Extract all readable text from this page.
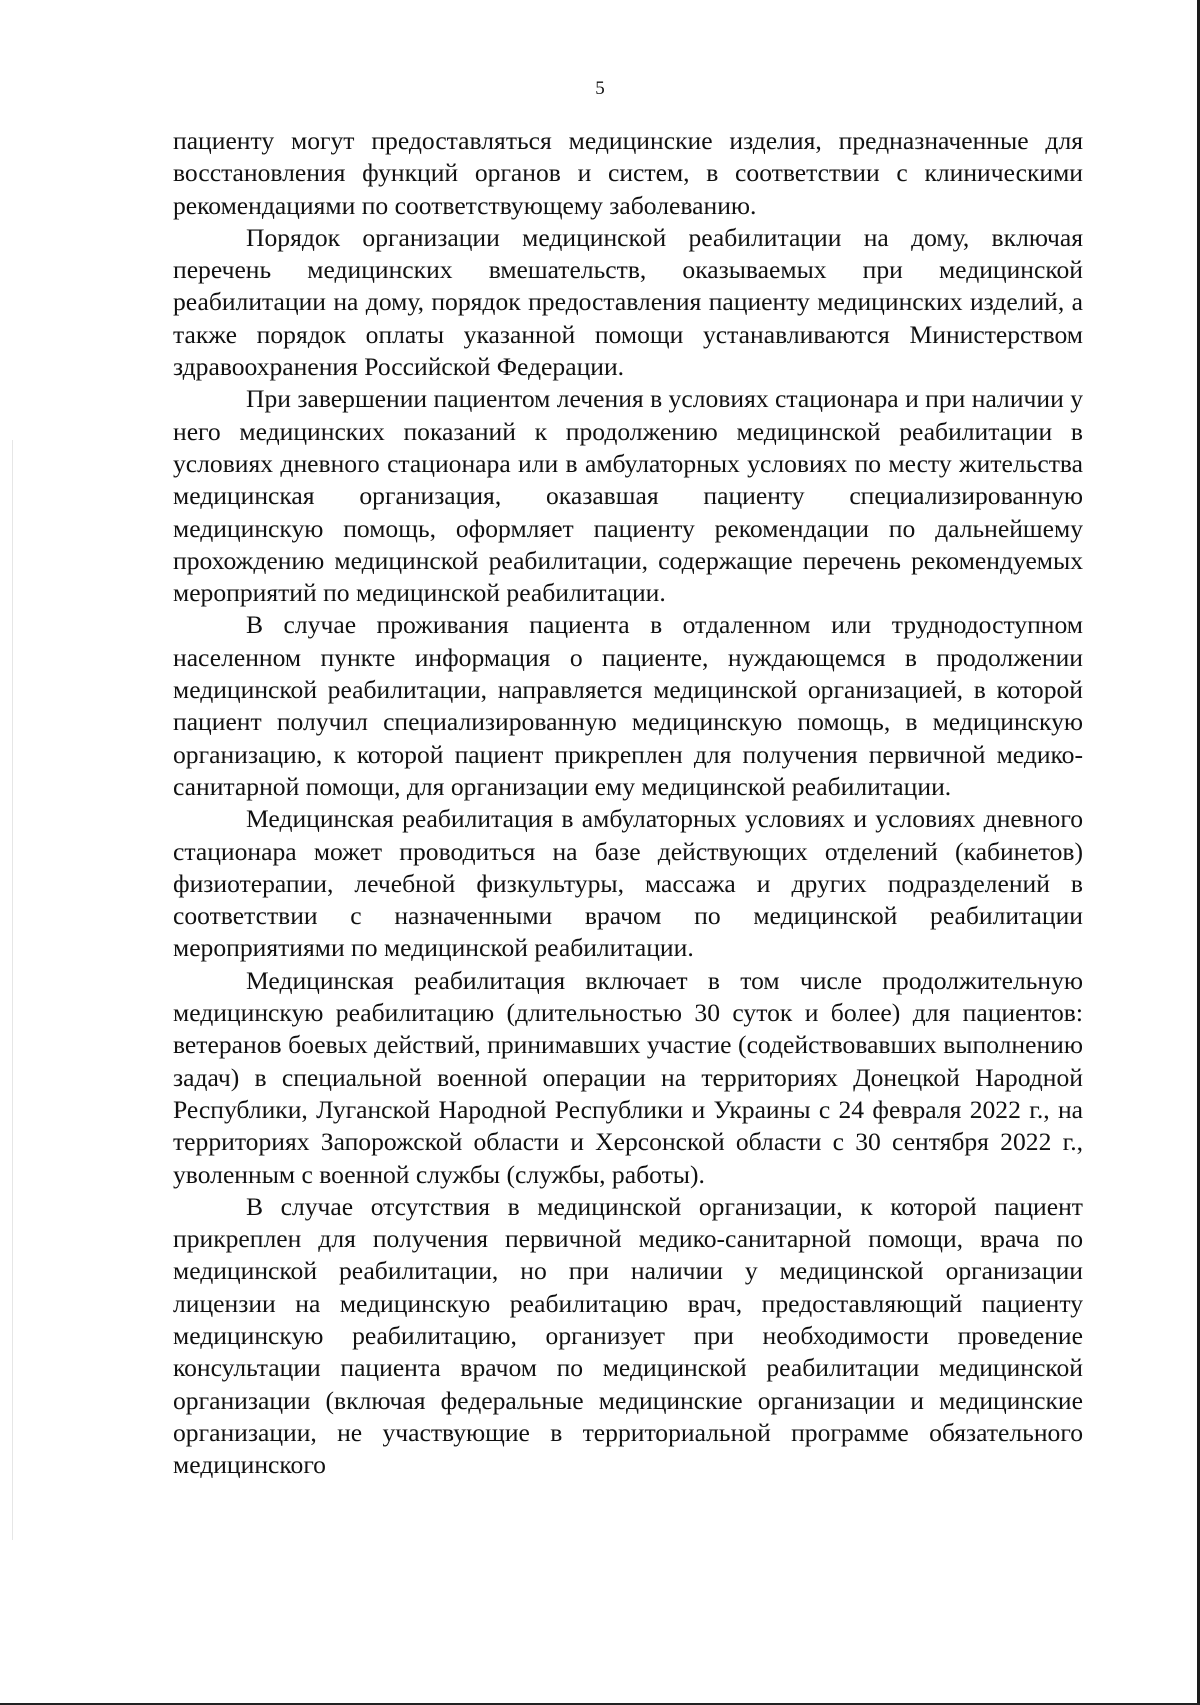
5

пациенту могут предоставляться медицинские изделия, предназначенные для восстановления функций органов и систем, в соответствии с клиническими рекомендациями по соответствующему заболеванию.

Порядок организации медицинской реабилитации на дому, включая перечень медицинских вмешательств, оказываемых при медицинской реабилитации на дому, порядок предоставления пациенту медицинских изделий, а также порядок оплаты указанной помощи устанавливаются Министерством здравоохранения Российской Федерации.

При завершении пациентом лечения в условиях стационара и при наличии у него медицинских показаний к продолжению медицинской реабилитации в условиях дневного стационара или в амбулаторных условиях по месту жительства медицинская организация, оказавшая пациенту специализированную медицинскую помощь, оформляет пациенту рекомендации по дальнейшему прохождению медицинской реабилитации, содержащие перечень рекомендуемых мероприятий по медицинской реабилитации.

В случае проживания пациента в отдаленном или труднодоступном населенном пункте информация о пациенте, нуждающемся в продолжении медицинской реабилитации, направляется медицинской организацией, в которой пациент получил специализированную медицинскую помощь, в медицинскую организацию, к которой пациент прикреплен для получения первичной медико-санитарной помощи, для организации ему медицинской реабилитации.

Медицинская реабилитация в амбулаторных условиях и условиях дневного стационара может проводиться на базе действующих отделений (кабинетов) физиотерапии, лечебной физкультуры, массажа и других подразделений в соответствии с назначенными врачом по медицинской реабилитации мероприятиями по медицинской реабилитации.

Медицинская реабилитация включает в том числе продолжительную медицинскую реабилитацию (длительностью 30 суток и более) для пациентов: ветеранов боевых действий, принимавших участие (содействовавших выполнению задач) в специальной военной операции на территориях Донецкой Народной Республики, Луганской Народной Республики и Украины с 24 февраля 2022 г., на территориях Запорожской области и Херсонской области с 30 сентября 2022 г., уволенным с военной службы (службы, работы).

В случае отсутствия в медицинской организации, к которой пациент прикреплен для получения первичной медико-санитарной помощи, врача по медицинской реабилитации, но при наличии у медицинской организации лицензии на медицинскую реабилитацию врач, предоставляющий пациенту медицинскую реабилитацию, организует при необходимости проведение консультации пациента врачом по медицинской реабилитации медицинской организации (включая федеральные медицинские организации и медицинские организации, не участвующие в территориальной программе обязательного медицинского
